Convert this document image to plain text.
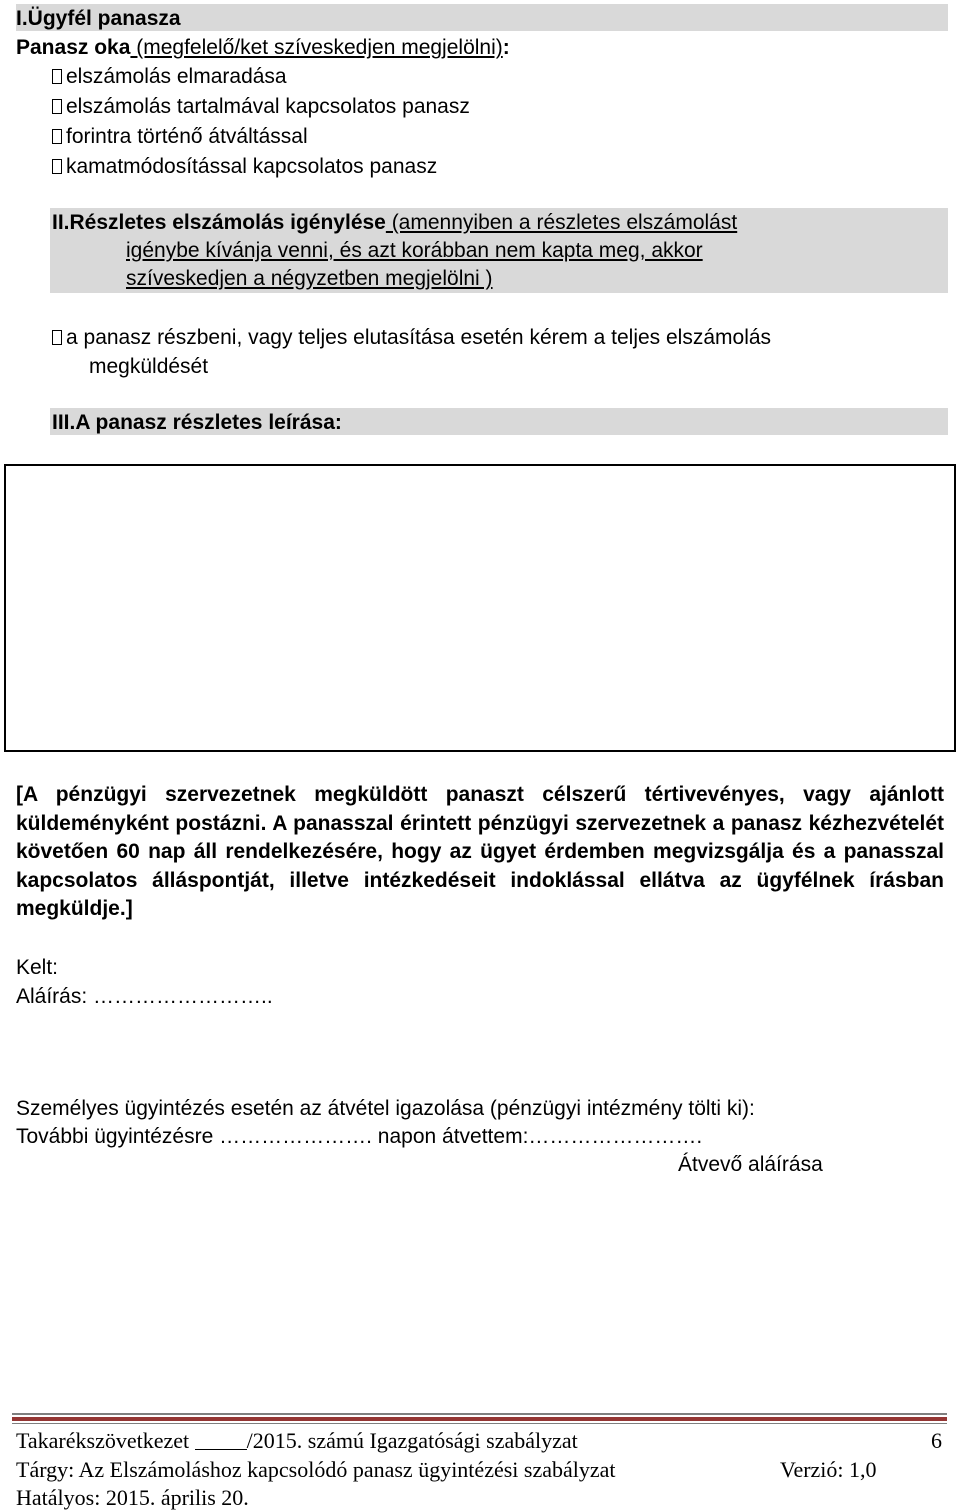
I.Ügyfél panasza
Panasz oka (megfelelő/ket szíveskedjen megjelölni):
elszámolás elmaradása
elszámolás tartalmával kapcsolatos panasz
forintra történő átváltással
kamatmódosítással kapcsolatos panasz
II.Részletes elszámolás igénylése (amennyiben a részletes elszámolást
igénybe kívánja venni, és azt korábban nem kapta meg, akkor
szíveskedjen a négyzetben megjelölni )
a panasz részbeni, vagy teljes elutasítása esetén kérem a teljes elszámolás
megküldését
III.A panasz részletes leírása:
[A pénzügyi szervezetnek megküldött panaszt célszerű tértivevényes, vagy ajánlott küldeményként postázni. A panasszal érintett pénzügyi szervezetnek a panasz kézhezvételét követően 60 nap áll rendelkezésére, hogy az ügyet érdemben megvizsgálja és a panasszal kapcsolatos álláspontját, illetve intézkedéseit indoklással ellátva az ügyfélnek írásban megküldje.]
Kelt:
Aláírás: ……………………..
Személyes ügyintézés esetén az átvétel igazolása (pénzügyi intézmény tölti ki):
További ügyintézésre …………………. napon átvettem:…………………….
Átvevő aláírása
Takarékszövetkezet	/2015. számú Igazgatósági szabályzat	6
Tárgy: Az Elszámoláshoz kapcsolódó panasz ügyintézési szabályzat	Verzió: 1,0
Hatályos: 2015. április 20.
